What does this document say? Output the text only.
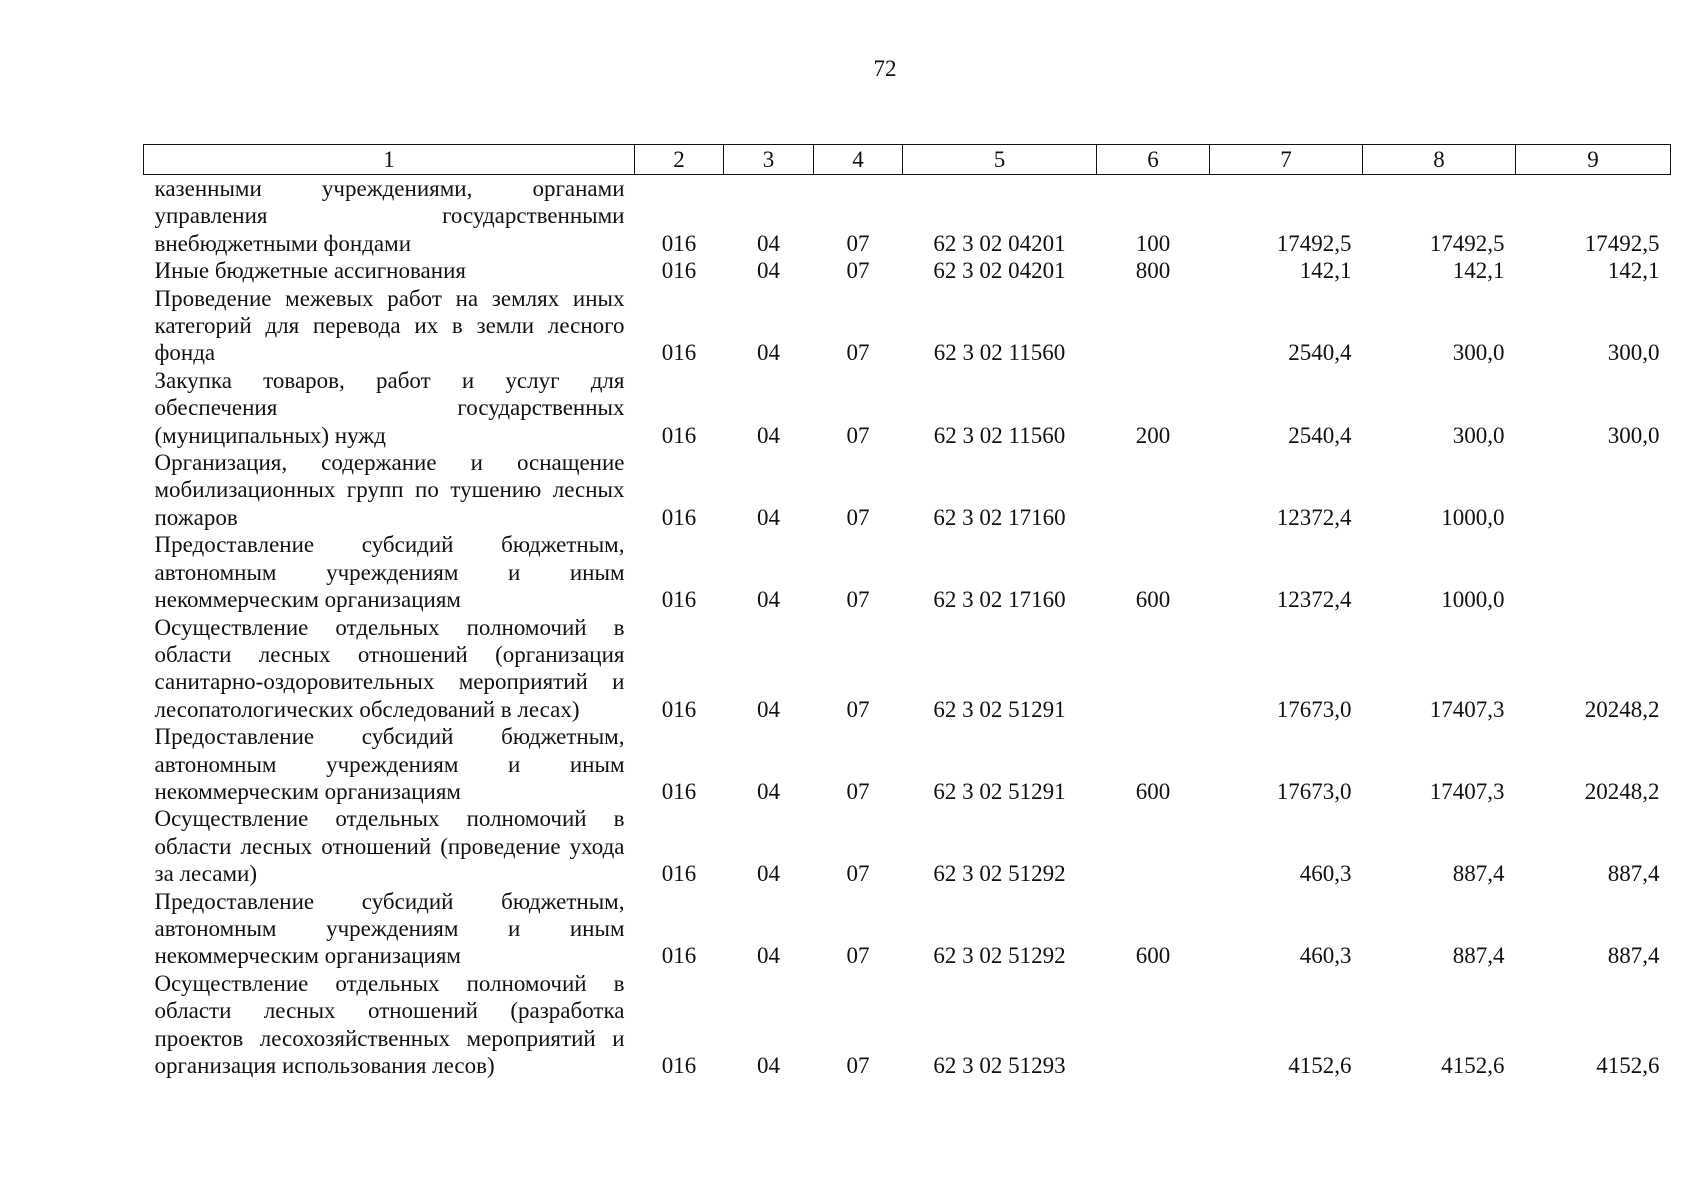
72
1	2	3	4	5	6	7	8	9
казенными учреждениями, органами управления государственными внебюджетными фондами	016	04	07	62 3 02 04201	100	17492,5	17492,5	17492,5
Иные бюджетные ассигнования	016	04	07	62 3 02 04201	800	142,1	142,1	142,1
Проведение межевых работ на землях иных категорий для перевода их в земли лесного фонда	016	04	07	62 3 02 11560		2540,4	300,0	300,0
Закупка товаров, работ и услуг для обеспечения государственных (муниципальных) нужд	016	04	07	62 3 02 11560	200	2540,4	300,0	300,0
Организация, содержание и оснащение мобилизационных групп по тушению лесных пожаров	016	04	07	62 3 02 17160		12372,4	1000,0	
Предоставление субсидий бюджетным, автономным учреждениям и иным некоммерческим организациям	016	04	07	62 3 02 17160	600	12372,4	1000,0	
Осуществление отдельных полномочий в области лесных отношений (организация санитарно-оздоровительных мероприятий и лесопатологических обследований в лесах)	016	04	07	62 3 02 51291		17673,0	17407,3	20248,2
Предоставление субсидий бюджетным, автономным учреждениям и иным некоммерческим организациям	016	04	07	62 3 02 51291	600	17673,0	17407,3	20248,2
Осуществление отдельных полномочий в области лесных отношений (проведение ухода за лесами)	016	04	07	62 3 02 51292		460,3	887,4	887,4
Предоставление субсидий бюджетным, автономным учреждениям и иным некоммерческим организациям	016	04	07	62 3 02 51292	600	460,3	887,4	887,4
Осуществление отдельных полномочий в области лесных отношений (разработка проектов лесохозяйственных мероприятий и организация использования лесов)	016	04	07	62 3 02 51293		4152,6	4152,6	4152,6
